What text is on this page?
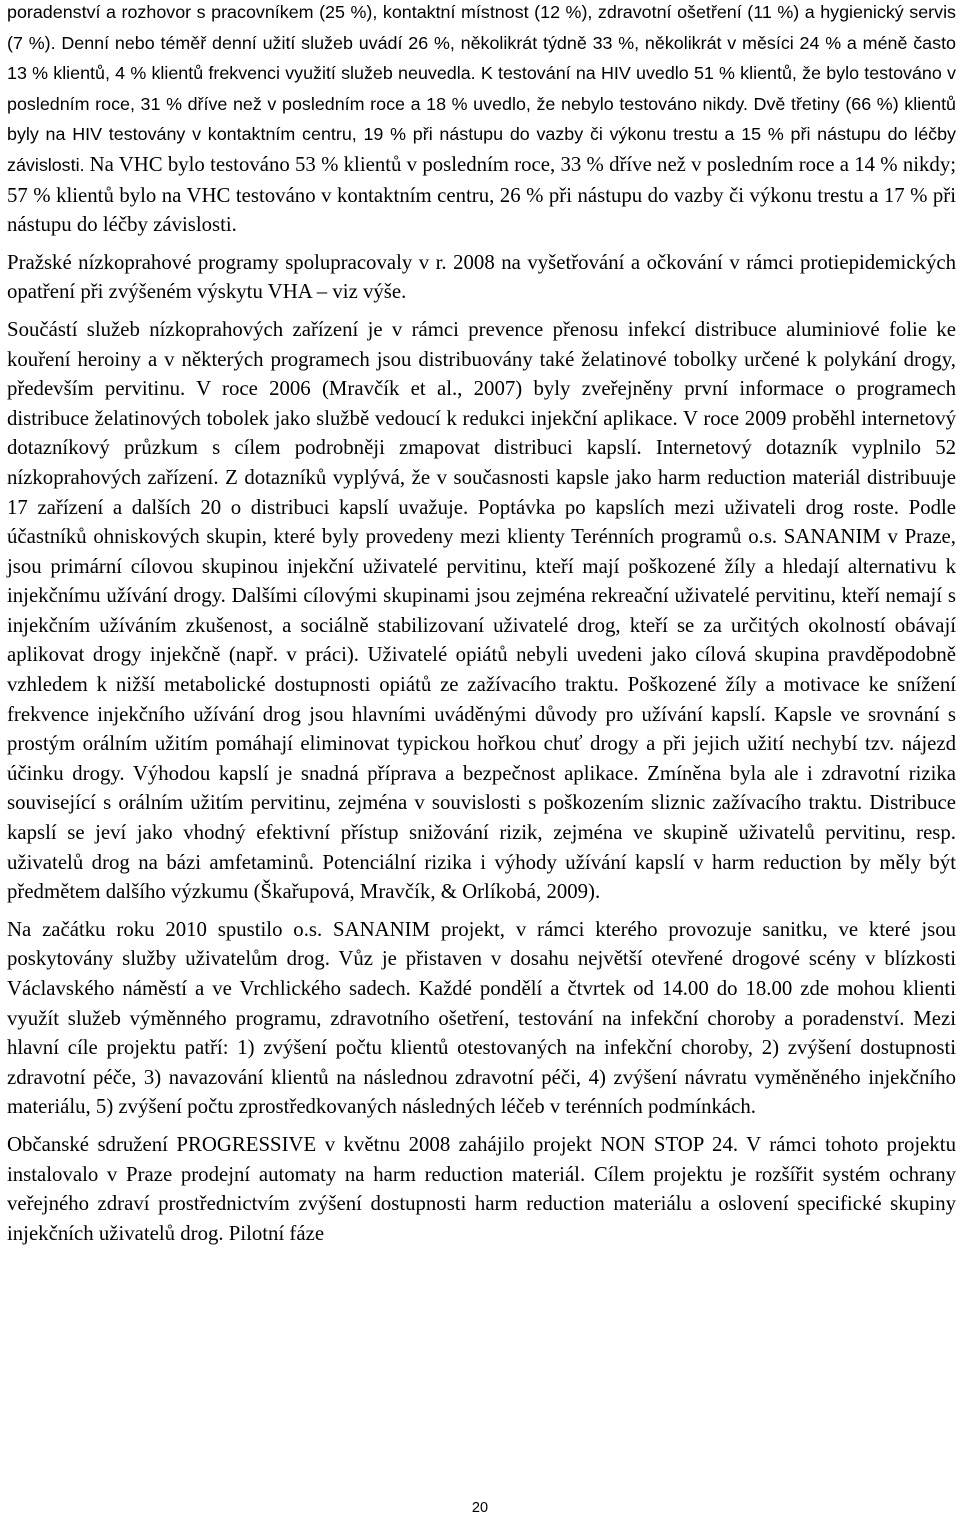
poradenství a rozhovor s pracovníkem (25 %), kontaktní místnost (12 %), zdravotní ošetření (11 %) a hygienický servis (7 %). Denní nebo téměř denní užití služeb uvádí 26 %, několikrát týdně 33 %, několikrát v měsíci 24 % a méně často 13 % klientů, 4 % klientů frekvenci využití služeb neuvedla. K testování na HIV uvedlo 51 % klientů, že bylo testováno v posledním roce, 31 % dříve než v posledním roce a 18 % uvedlo, že nebylo testováno nikdy. Dvě třetiny (66 %) klientů byly na HIV testovány v kontaktním centru, 19 % při nástupu do vazby či výkonu trestu a 15 % při nástupu do léčby závislosti. Na VHC bylo testováno 53 % klientů v posledním roce, 33 % dříve než v posledním roce a 14 % nikdy; 57 % klientů bylo na VHC testováno v kontaktním centru, 26 % při nástupu do vazby či výkonu trestu a 17 % při nástupu do léčby závislosti.

Pražské nízkoprahové programy spolupracovaly v r. 2008 na vyšetřování a očkování v rámci protiepidemických opatření při zvýšeném výskytu VHA – viz výše.

Součástí služeb nízkoprahových zařízení je v rámci prevence přenosu infekcí distribuce aluminiové folie ke kouření heroiny a v některých programech jsou distribuovány také želatinové tobolky určené k polykání drogy, především pervitinu. V roce 2006 (Mravčík et al., 2007) byly zveřejněny první informace o programech distribuce želatinových tobolek jako službě vedoucí k redukci injekční aplikace. V roce 2009 proběhl internetový dotazníkový průzkum s cílem podrobněji zmapovat distribuci kapslí. Internetový dotazník vyplnilo 52 nízkoprahových zařízení. Z dotazníků vyplývá, že v současnosti kapsle jako harm reduction materiál distribuuje 17 zařízení a dalších 20 o distribuci kapslí uvažuje. Poptávka po kapslích mezi uživateli drog roste. Podle účastníků ohniskových skupin, které byly provedeny mezi klienty Terénních programů o.s. SANANIM v Praze, jsou primární cílovou skupinou injekční uživatelé pervitinu, kteří mají poškozené žíly a hledají alternativu k injekčnímu užívání drogy. Dalšími cílovými skupinami jsou zejména rekreační uživatelé pervitinu, kteří nemají s injekčním užíváním zkušenost, a sociálně stabilizovaní uživatelé drog, kteří se za určitých okolností obávají aplikovat drogy injekčně (např. v práci). Uživatelé opiátů nebyli uvedeni jako cílová skupina pravděpodobně vzhledem k nižší metabolické dostupnosti opiátů ze zažívacího traktu. Poškozené žíly a motivace ke snížení frekvence injekčního užívání drog jsou hlavními uváděnými důvody pro užívání kapslí. Kapsle ve srovnání s prostým orálním užitím pomáhají eliminovat typickou hořkou chuť drogy a při jejich užití nechybí tzv. nájezd účinku drogy. Výhodou kapslí je snadná příprava a bezpečnost aplikace. Zmíněna byla ale i zdravotní rizika související s orálním užitím pervitinu, zejména v souvislosti s poškozením sliznic zažívacího traktu. Distribuce kapslí se jeví jako vhodný efektivní přístup snižování rizik, zejména ve skupině uživatelů pervitinu, resp. uživatelů drog na bázi amfetaminů. Potenciální rizika i výhody užívání kapslí v harm reduction by měly být předmětem dalšího výzkumu (Škařupová, Mravčík, & Orlíkobá, 2009).

Na začátku roku 2010 spustilo o.s. SANANIM projekt, v rámci kterého provozuje sanitku, ve které jsou poskytovány služby uživatelům drog. Vůz je přistaven v dosahu největší otevřené drogové scény v blízkosti Václavského náměstí a ve Vrchlického sadech. Každé pondělí a čtvrtek od 14.00 do 18.00 zde mohou klienti využít služeb výměnného programu, zdravotního ošetření, testování na infekční choroby a poradenství. Mezi hlavní cíle projektu patří: 1) zvýšení počtu klientů otestovaných na infekční choroby, 2) zvýšení dostupnosti zdravotní péče, 3) navazování klientů na následnou zdravotní péči, 4) zvýšení návratu vyměněného injekčního materiálu, 5) zvýšení počtu zprostředkovaných následných léčeb v terénních podmínkách.

Občanské sdružení PROGRESSIVE v květnu 2008 zahájilo projekt NON STOP 24. V rámci tohoto projektu instalovalo v Praze prodejní automaty na harm reduction materiál. Cílem projektu je rozšířit systém ochrany veřejného zdraví prostřednictvím zvýšení dostupnosti harm reduction materiálu a oslovení specifické skupiny injekčních uživatelů drog. Pilotní fáze

20
